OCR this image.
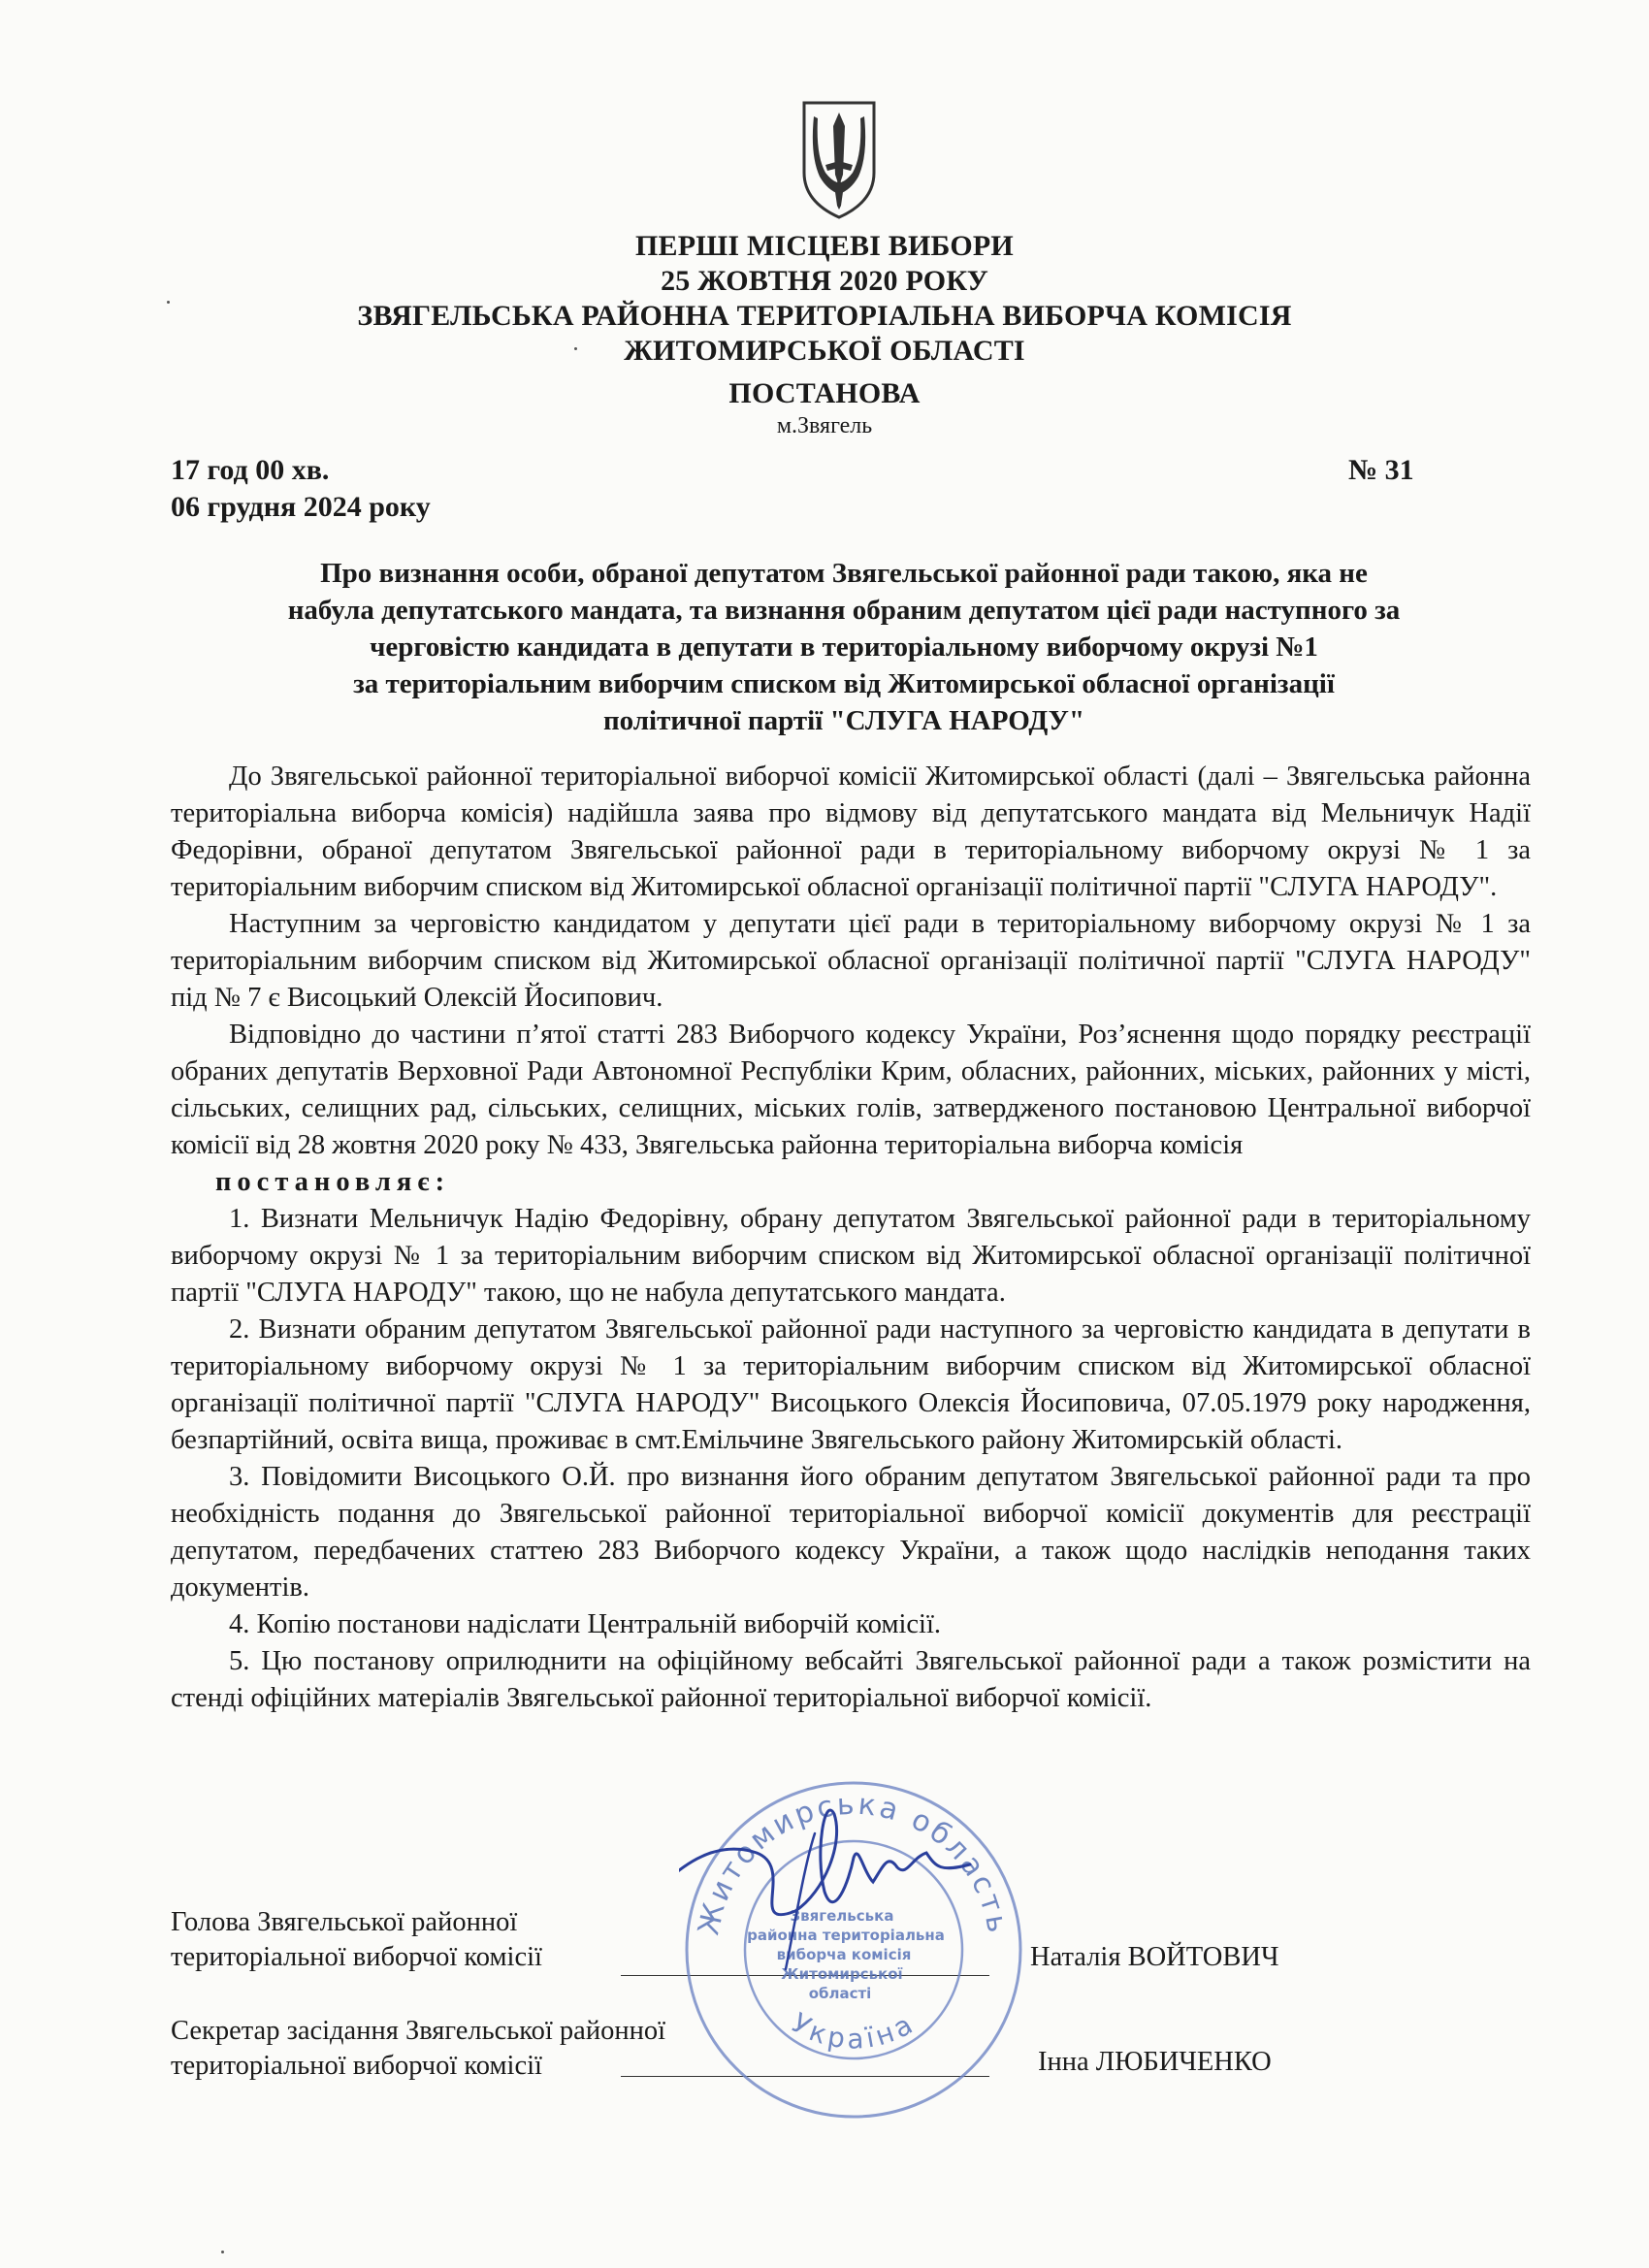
ПЕРШІ МІСЦЕВІ ВИБОРИ
25 ЖОВТНЯ 2020 РОКУ
ЗВЯГЕЛЬСЬКА РАЙОННА ТЕРИТОРІАЛЬНА ВИБОРЧА КОМІСІЯ
ЖИТОМИРСЬКОЇ ОБЛАСТІ
ПОСТАНОВА
м.Звягель
17 год 00 хв.
06 грудня 2024 року
№ 31
Про визнання особи, обраної депутатом Звягельської районної ради такою, яка не
набула депутатського мандата, та визнання обраним депутатом цієї ради наступного за
черговістю кандидата в депутати в територіальному виборчому окрузі №1
за територіальним виборчим списком від Житомирської обласної організації
політичної партії "СЛУГА НАРОДУ"

До Звягельської районної територіальної виборчої комісії Житомирської області (далі – Звягельська районна територіальна виборча комісія) надійшла заява про відмову від депутатського мандата від Мельничук Надії Федорівни, обраної депутатом Звягельської районної ради в територіальному виборчому окрузі № 1 за територіальним виборчим списком від Житомирської обласної організації політичної партії "СЛУГА НАРОДУ".

Наступним за черговістю кандидатом у депутати цієї ради в територіальному виборчому окрузі № 1 за територіальним виборчим списком від Житомирської обласної організації політичної партії "СЛУГА НАРОДУ" під № 7 є Висоцький Олексій Йосипович.

Відповідно до частини п’ятої статті 283 Виборчого кодексу України, Роз’яснення щодо порядку реєстрації обраних депутатів Верховної Ради Автономної Республіки Крим, обласних, районних, міських, районних у місті, сільських, селищних рад, сільських, селищних, міських голів, затвердженого постановою Центральної виборчої комісії від 28 жовтня 2020 року № 433, Звягельська районна територіальна виборча комісія

постановляє:

1. Визнати Мельничук Надію Федорівну, обрану депутатом Звягельської районної ради в територіальному виборчому окрузі № 1 за територіальним виборчим списком від Житомирської обласної організації політичної партії "СЛУГА НАРОДУ" такою, що не набула депутатського мандата.

2. Визнати обраним депутатом Звягельської районної ради наступного за черговістю кандидата в депутати в територіальному виборчому окрузі № 1 за територіальним виборчим списком від Житомирської обласної організації політичної партії "СЛУГА НАРОДУ" Висоцького Олексія Йосиповича, 07.05.1979 року народження, безпартійний, освіта вища, проживає в смт.Емільчине Звягельського району Житомирській області.

3. Повідомити Висоцького О.Й. про визнання його обраним депутатом Звягельської районної ради та про необхідність подання до Звягельської районної територіальної виборчої комісії документів для реєстрації депутатом, передбачених статтею 283 Виборчого кодексу України, а також щодо наслідків неподання таких документів.

4. Копію постанови надіслати Центральній виборчій комісії.

5. Цю постанову оприлюднити на офіційному вебсайті Звягельської районної ради а також розмістити на стенді офіційних матеріалів Звягельської районної територіальної виборчої комісії.

Голова Звягельської районної
територіальної виборчої комісії	Наталія ВОЙТОВИЧ
Секретар засідання Звягельської районної
територіальної виборчої комісії	Інна ЛЮБИЧЕНКО
Житомирська область
Україна
Звягельська
районна територіальна
виборча комісія
Житомирської
області
